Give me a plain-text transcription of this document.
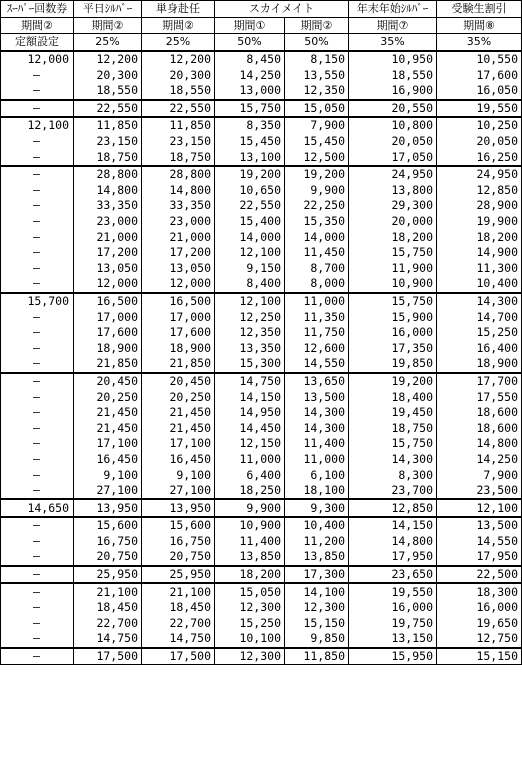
ｽｰﾊﾟｰ回数券	平日ｼﾙﾊﾞｰ	単身赴任	スカイメイト		年末年始ｼﾙﾊﾞｰ	受験生割引
期間②	期間②	期間②	期間①	期間②	期間⑦	期間⑧
定額設定	25%	25%	50%	50%	35%	35%
12,000	12,200	12,200	8,450	8,150	10,950	10,550
—	20,300	20,300	14,250	13,550	18,550	17,600
—	18,550	18,550	13,000	12,350	16,900	16,050
—	22,550	22,550	15,750	15,050	20,550	19,550
12,100	11,850	11,850	8,350	7,900	10,800	10,250
—	23,150	23,150	15,450	15,450	20,050	20,050
—	18,750	18,750	13,100	12,500	17,050	16,250
—	28,800	28,800	19,200	19,200	24,950	24,950
—	14,800	14,800	10,650	9,900	13,800	12,850
—	33,350	33,350	22,550	22,250	29,300	28,900
—	23,000	23,000	15,400	15,350	20,000	19,900
—	21,000	21,000	14,000	14,000	18,200	18,200
—	17,200	17,200	12,100	11,450	15,750	14,900
—	13,050	13,050	9,150	8,700	11,900	11,300
—	12,000	12,000	8,400	8,000	10,900	10,400
15,700	16,500	16,500	12,100	11,000	15,750	14,300
—	17,000	17,000	12,250	11,350	15,900	14,700
—	17,600	17,600	12,350	11,750	16,000	15,250
—	18,900	18,900	13,350	12,600	17,350	16,400
—	21,850	21,850	15,300	14,550	19,850	18,900
—	20,450	20,450	14,750	13,650	19,200	17,700
—	20,250	20,250	14,150	13,500	18,400	17,550
—	21,450	21,450	14,950	14,300	19,450	18,600
—	21,450	21,450	14,450	14,300	18,750	18,600
—	17,100	17,100	12,150	11,400	15,750	14,800
—	16,450	16,450	11,000	11,000	14,300	14,250
—	9,100	9,100	6,400	6,100	8,300	7,900
—	27,100	27,100	18,250	18,100	23,700	23,500
14,650	13,950	13,950	9,900	9,300	12,850	12,100
—	15,600	15,600	10,900	10,400	14,150	13,500
—	16,750	16,750	11,400	11,200	14,800	14,550
—	20,750	20,750	13,850	13,850	17,950	17,950
—	25,950	25,950	18,200	17,300	23,650	22,500
—	21,100	21,100	15,050	14,100	19,550	18,300
—	18,450	18,450	12,300	12,300	16,000	16,000
—	22,700	22,700	15,250	15,150	19,750	19,650
—	14,750	14,750	10,100	9,850	13,150	12,750
—	17,500	17,500	12,300	11,850	15,950	15,150
